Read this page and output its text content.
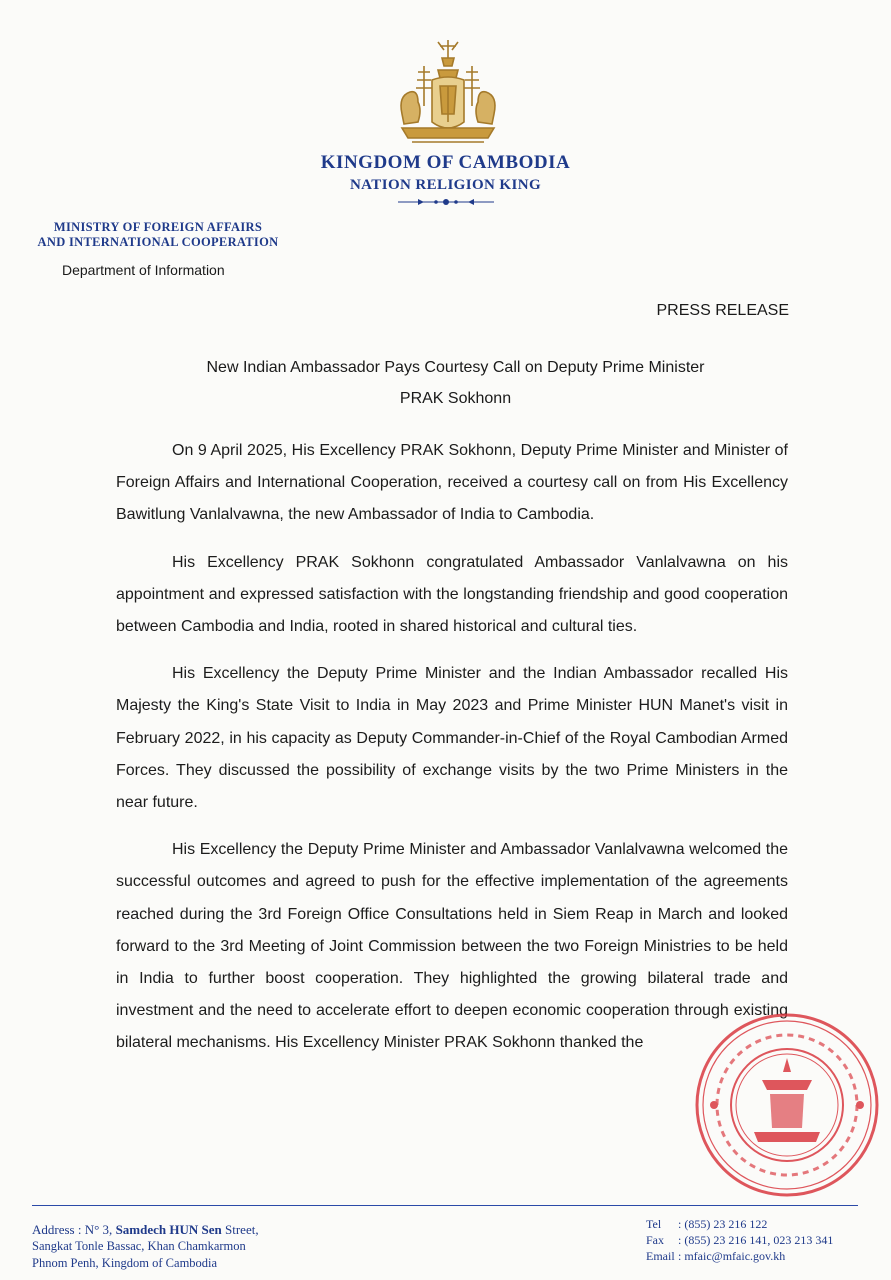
KINGDOM OF CAMBODIA
NATION RELIGION KING
MINISTRY OF FOREIGN AFFAIRS
AND INTERNATIONAL COOPERATION
Department of Information
PRESS RELEASE
New Indian Ambassador Pays Courtesy Call on Deputy Prime Minister
PRAK Sokhonn

On 9 April 2025, His Excellency PRAK Sokhonn, Deputy Prime Minister and Minister of Foreign Affairs and International Cooperation, received a courtesy call on from His Excellency Bawitlung Vanlalvawna, the new Ambassador of India to Cambodia.

His Excellency PRAK Sokhonn congratulated Ambassador Vanlalvawna on his appointment and expressed satisfaction with the longstanding friendship and good cooperation between Cambodia and India, rooted in shared historical and cultural ties.

His Excellency the Deputy Prime Minister and the Indian Ambassador recalled His Majesty the King's State Visit to India in May 2023 and Prime Minister HUN Manet's visit in February 2022, in his capacity as Deputy Commander-in-Chief of the Royal Cambodian Armed Forces. They discussed the possibility of exchange visits by the two Prime Ministers in the near future.

His Excellency the Deputy Prime Minister and Ambassador Vanlalvawna welcomed the successful outcomes and agreed to push for the effective implementation of the agreements reached during the 3rd Foreign Office Consultations held in Siem Reap in March and looked forward to the 3rd Meeting of Joint Commission between the two Foreign Ministries to be held in India to further boost cooperation. They highlighted the growing bilateral trade and investment and the need to accelerate effort to deepen economic cooperation through existing bilateral mechanisms. His Excellency Minister PRAK Sokhonn thanked the

Address : N° 3, Samdech HUN Sen Street,
Sangkat Tonle Bassac, Khan Chamkarmon
Phnom Penh, Kingdom of Cambodia
Tel	: (855) 23 216 122
Fax	: (855) 23 216 141, 023 213 341
Email : mfaic@mfaic.gov.kh
